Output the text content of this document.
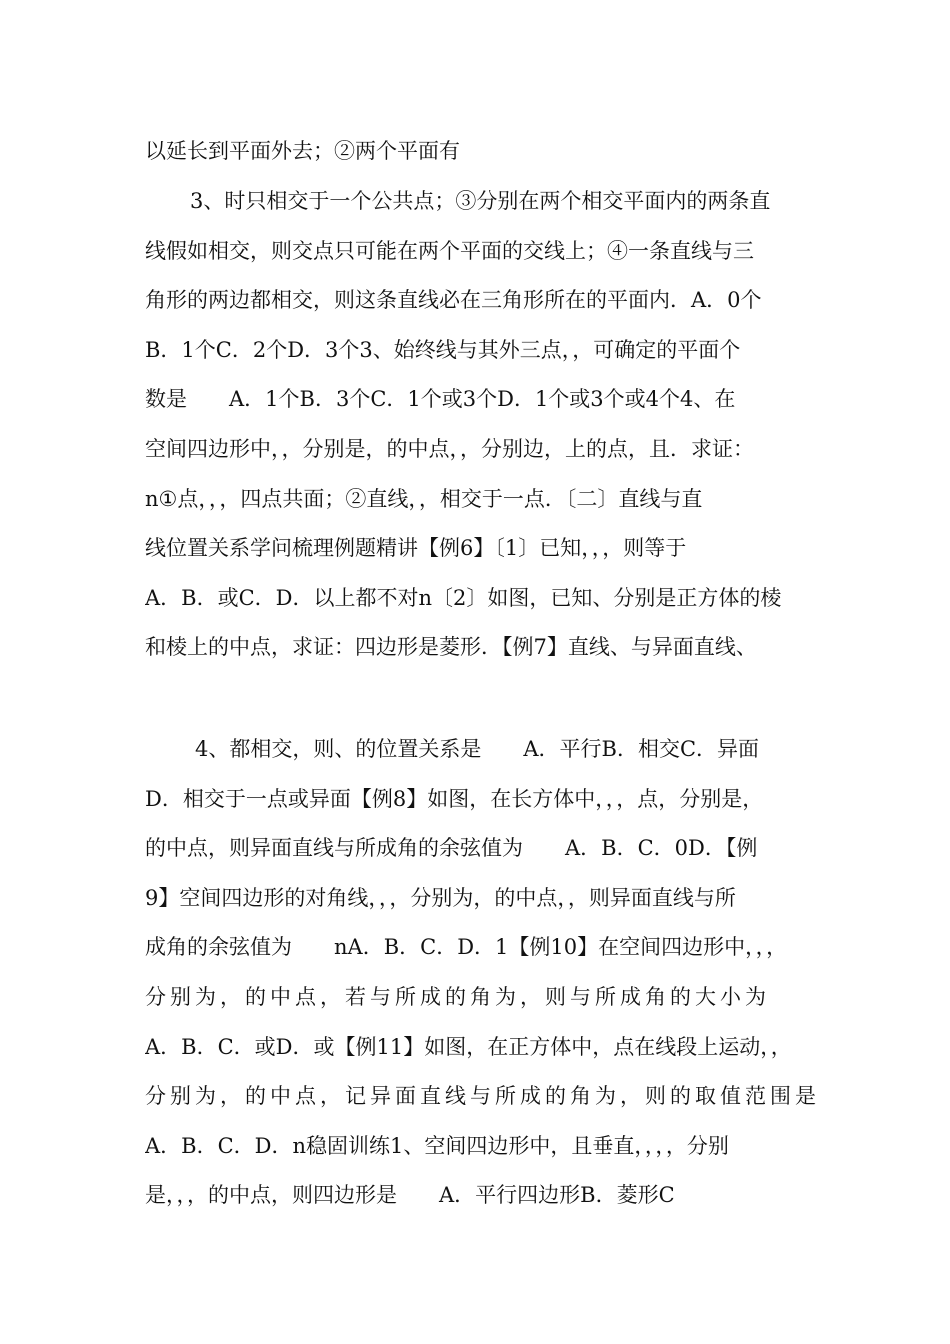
以延长到平面外去；②两个平面有
3、时只相交于一个公共点；③分别在两个相交平面内的两条直
线假如相交，则交点只可能在两个平面的交线上；④一条直线与三
角形的两边都相交，则这条直线必在三角形所在的平面内．A．0个
B．1个C．2个D．3个3、始终线与其外三点，，可确定的平面个
数是　　A．1个B．3个C．1个或3个D．1个或3个或4个4、在
空间四边形中，，分别是，的中点，，分别边，上的点，且．求证：
n①点，，，四点共面；②直线，，相交于一点．〔二〕直线与直
线位置关系学问梳理例题精讲【例6】〔1〕已知，，，则等于
A．B．或C．D．以上都不对n〔2〕如图，已知、分别是正方体的棱
和棱上的中点，求证：四边形是菱形．【例7】直线、与异面直线、
4、都相交，则、的位置关系是　　A．平行B．相交C．异面
D．相交于一点或异面【例8】如图，在长方体中，，，点，分别是，
的中点，则异面直线与所成角的余弦值为　　A．B．C．0D．【例
9】空间四边形的对角线，，，分别为，的中点，，则异面直线与所
成角的余弦值为　　nA．B．C．D．1【例10】在空间四边形中，，，
分别为，的中点，若与所成的角为，则与所成角的大小为
A．B．C．或D．或【例11】如图，在正方体中，点在线段上运动，，
分别为，的中点，记异面直线与所成的角为，则的取值范围是
A．B．C．D．n稳固训练1、空间四边形中，且垂直，，，，分别
是，，，的中点，则四边形是　　A．平行四边形B．菱形C
